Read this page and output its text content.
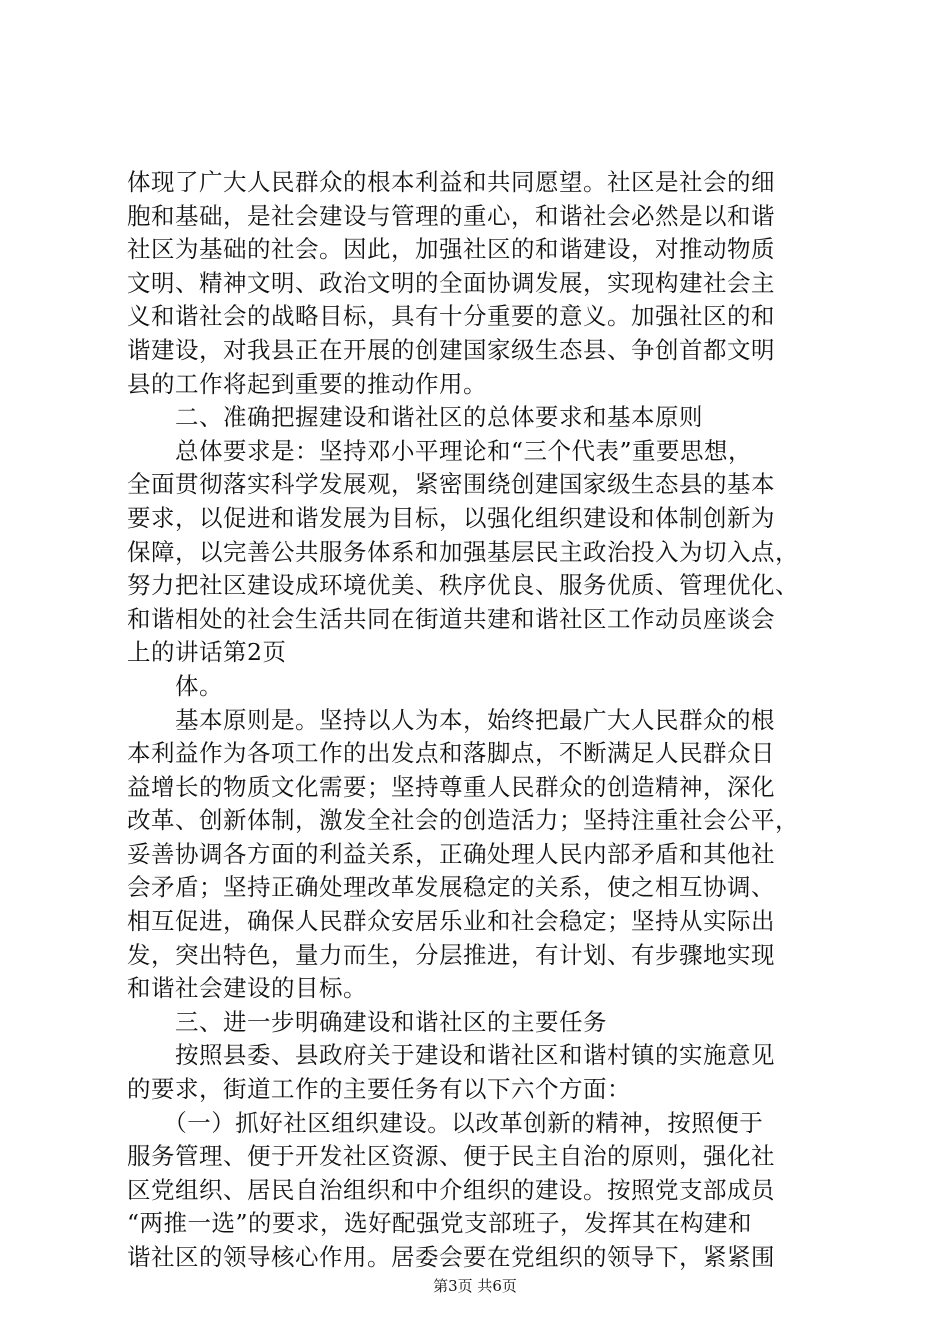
体现了广大人民群众的根本利益和共同愿望。社区是社会的细
胞和基础，是社会建设与管理的重心，和谐社会必然是以和谐
社区为基础的社会。因此，加强社区的和谐建设，对推动物质
文明、精神文明、政治文明的全面协调发展，实现构建社会主
义和谐社会的战略目标，具有十分重要的意义。加强社区的和
谐建设，对我县正在开展的创建国家级生态县、争创首都文明
县的工作将起到重要的推动作用。
　　二、准确把握建设和谐社区的总体要求和基本原则
　　总体要求是：坚持邓小平理论和“三个代表”重要思想，
全面贯彻落实科学发展观，紧密围绕创建国家级生态县的基本
要求，以促进和谐发展为目标，以强化组织建设和体制创新为
保障，以完善公共服务体系和加强基层民主政治投入为切入点，
努力把社区建设成环境优美、秩序优良、服务优质、管理优化、
和谐相处的社会生活共同在街道共建和谐社区工作动员座谈会
上的讲话第2页
　　体。
　　基本原则是。坚持以人为本，始终把最广大人民群众的根
本利益作为各项工作的出发点和落脚点，不断满足人民群众日
益增长的物质文化需要；坚持尊重人民群众的创造精神，深化
改革、创新体制，激发全社会的创造活力；坚持注重社会公平，
妥善协调各方面的利益关系，正确处理人民内部矛盾和其他社
会矛盾；坚持正确处理改革发展稳定的关系，使之相互协调、
相互促进，确保人民群众安居乐业和社会稳定；坚持从实际出
发，突出特色，量力而生，分层推进，有计划、有步骤地实现
和谐社会建设的目标。
　　三、进一步明确建设和谐社区的主要任务
　　按照县委、县政府关于建设和谐社区和谐村镇的实施意见
的要求，街道工作的主要任务有以下六个方面：
　　（一）抓好社区组织建设。以改革创新的精神，按照便于
服务管理、便于开发社区资源、便于民主自治的原则，强化社
区党组织、居民自治组织和中介组织的建设。按照党支部成员
“两推一选”的要求，选好配强党支部班子，发挥其在构建和
谐社区的领导核心作用。居委会要在党组织的领导下，紧紧围
第3页 共6页
